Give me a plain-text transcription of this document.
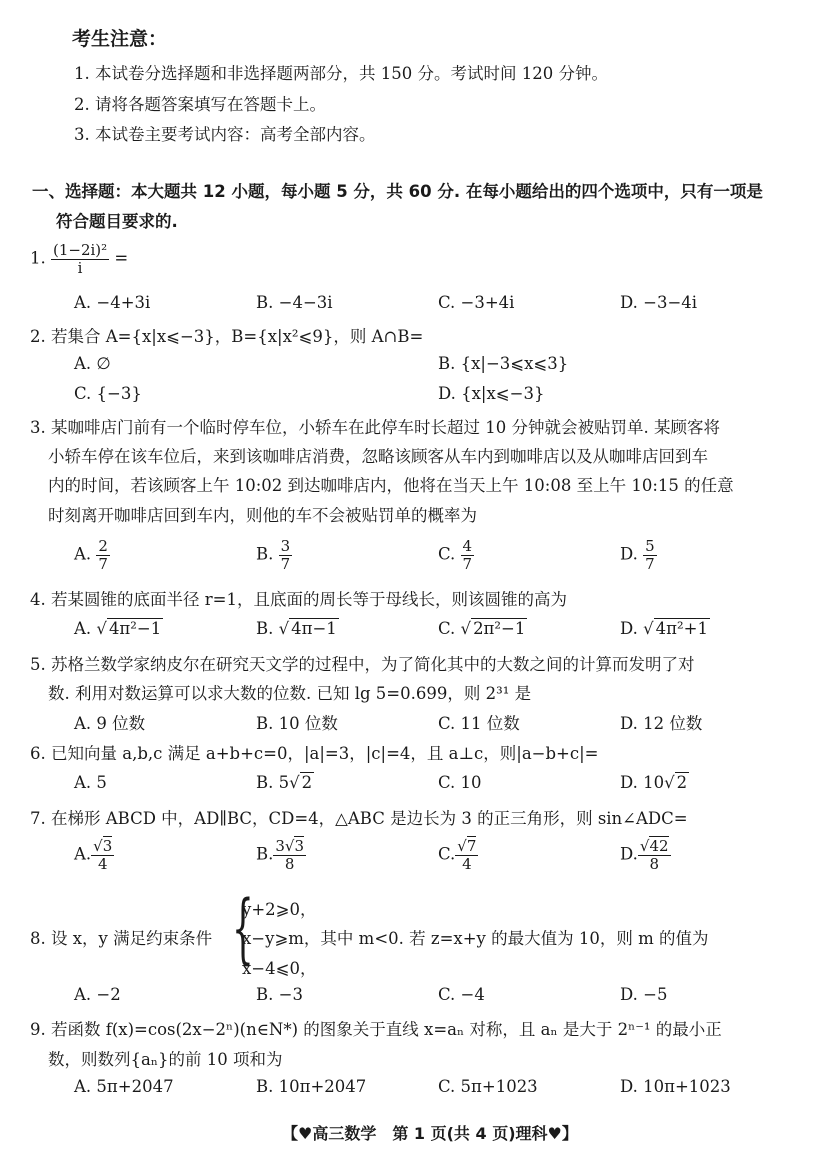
考生注意：
1. 本试卷分选择题和非选择题两部分，共 150 分。考试时间 120 分钟。
2. 请将各题答案填写在答题卡上。
3. 本试卷主要考试内容：高考全部内容。
一、选择题：本大题共 12 小题，每小题 5 分，共 60 分. 在每小题给出的四个选项中，只有一项是
符合题目要求的.
1. $\frac{\text{(1−2i)²}}{i}$ =
A. −4+3i	B. −4−3i	C. −3+4i	D. −3−4i
2. 若集合 A={x|x⩽−3}，B={x|x²⩽9}，则 A∩B=
A. ∅	B. {x|−3⩽x⩽3}
C. {−3}	D. {x|x⩽−3}
3. 某咖啡店门前有一个临时停车位，小轿车在此停车时长超过 10 分钟就会被贴罚单. 某顾客将
小轿车停在该车位后，来到该咖啡店消费，忽略该顾客从车内到咖啡店以及从咖啡店回到车
内的时间，若该顾客上午 10:02 到达咖啡店内，他将在当天上午 10:08 至上午 10:15 的任意
时刻离开咖啡店回到车内，则他的车不会被贴罚单的概率为
A. $\frac{2}{7}$	B. $\frac{3}{7}$	C. $\frac{4}{7}$	D. $\frac{5}{7}$
4. 若某圆锥的底面半径 r=1，且底面的周长等于母线长，则该圆锥的高为
A. √ 4π²−1	B. √ 4π−1	C. √ 2π²−1	D. √ 4π²+1
5. 苏格兰数学家纳皮尔在研究天文学的过程中，为了简化其中的大数之间的计算而发明了对
数. 利用对数运算可以求大数的位数. 已知 lg 5=0.699，则 2³¹ 是
A. 9 位数	B. 10 位数	C. 11 位数	D. 12 位数
6. 已知向量 a,b,c 满足 a+b+c=0，|a|=3，|c|=4，且 a⊥c，则|a−b+c|=
A. 5	B. 5√ 2	C. 10	D. 10√ 2
7. 在梯形 ABCD 中，AD∥BC，CD=4，△ABC 是边长为 3 的正三角形，则 sin∠ADC=
A. $\frac{√3}{4}$	B. $\frac{3√3}{8}$	C. $\frac{√7}{4}$	D. $\frac{√42}{8}$
8. 设 x，y 满足约束条件 {
y+2⩾0，
x−y⩾m，其中 m<0. 若 z=x+y 的最大值为 10，则 m 的值为
x−4⩽0，
A. −2	B. −3	C. −4	D. −5
9. 若函数 f(x)=cos(2x−2ⁿ)(n∈N*) 的图象关于直线 x=aₙ 对称，且 aₙ 是大于 2ⁿ⁻¹ 的最小正
数，则数列{aₙ}的前 10 项和为
A. 5π+2047	B. 10π+2047	C. 5π+1023	D. 10π+1023
【♥高三数学　第 1 页(共 4 页)理科♥】
